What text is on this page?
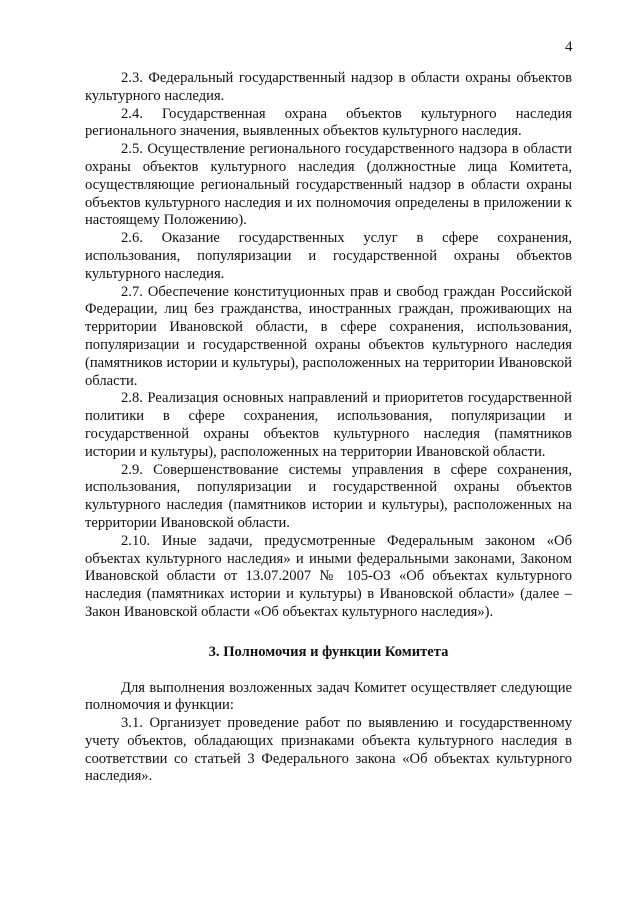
4

2.3. Федеральный государственный надзор в области охраны объектов культурного наследия.

2.4. Государственная охрана объектов культурного наследия регионального значения, выявленных объектов культурного наследия.

2.5. Осуществление регионального государственного надзора в области охраны объектов культурного наследия (должностные лица Комитета, осуществляющие региональный государственный надзор в области охраны объектов культурного наследия и их полномочия определены в приложении к настоящему Положению).

2.6. Оказание государственных услуг в сфере сохранения, использования, популяризации и государственной охраны объектов культурного наследия.

2.7. Обеспечение конституционных прав и свобод граждан Российской Федерации, лиц без гражданства, иностранных граждан, проживающих на территории Ивановской области, в сфере сохранения, использования, популяризации и государственной охраны объектов культурного наследия (памятников истории и культуры), расположенных на территории Ивановской области.

2.8. Реализация основных направлений и приоритетов государственной политики в сфере сохранения, использования, популяризации и государственной охраны объектов культурного наследия (памятников истории и культуры), расположенных на территории Ивановской области.

2.9. Совершенствование системы управления в сфере сохранения, использования, популяризации и государственной охраны объектов культурного наследия (памятников истории и культуры), расположенных на территории Ивановской области.

2.10. Иные задачи, предусмотренные Федеральным законом «Об объектах культурного наследия» и иными федеральными законами, Законом Ивановской области от 13.07.2007 № 105-ОЗ «Об объектах культурного наследия (памятниках истории и культуры) в Ивановской области» (далее – Закон Ивановской области «Об объектах культурного наследия»).

3. Полномочия и функции Комитета

Для выполнения возложенных задач Комитет осуществляет следующие полномочия и функции:

3.1. Организует проведение работ по выявлению и государственному учету объектов, обладающих признаками объекта культурного наследия в соответствии со статьей 3 Федерального закона «Об объектах культурного наследия».
